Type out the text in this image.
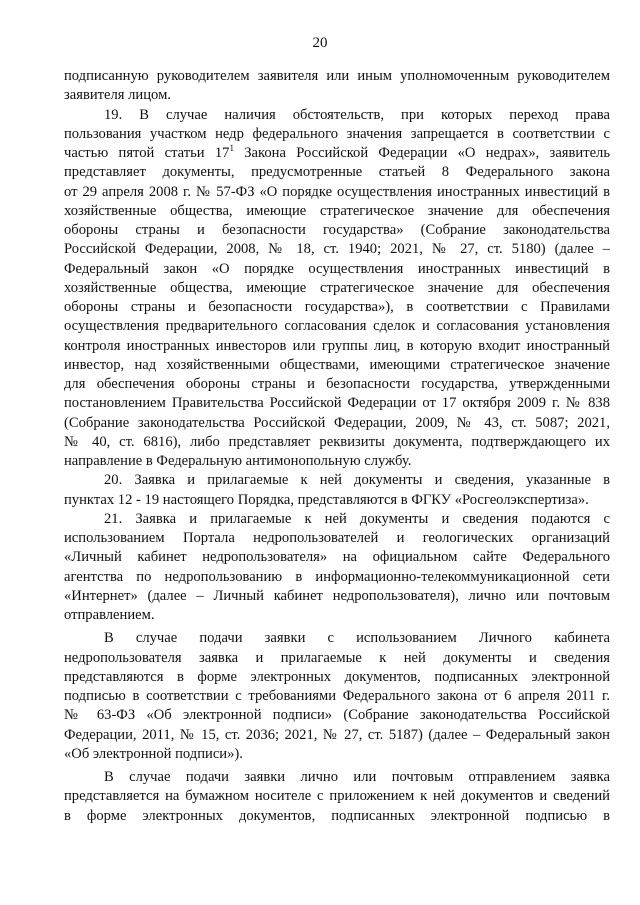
20
подписанную руководителем заявителя или иным уполномоченным руководителем
заявителя лицом.
19. В случае наличия обстоятельств, при которых переход права
пользования участком недр федерального значения запрещается в соответствии с
частью пятой статьи $17^1$ Закона Российской Федерации «О недрах», заявитель
представляет документы, предусмотренные статьей 8 Федерального закона
от 29 апреля 2008 г. № 57-ФЗ «О порядке осуществления иностранных инвестиций в
хозяйственные общества, имеющие стратегическое значение для обеспечения
обороны страны и безопасности государства» (Собрание законодательства
Российской Федерации, 2008, № 18, ст. 1940; 2021, № 27, ст. 5180) (далее –
Федеральный закон «О порядке осуществления иностранных инвестиций в
хозяйственные общества, имеющие стратегическое значение для обеспечения
обороны страны и безопасности государства»), в соответствии с Правилами
осуществления предварительного согласования сделок и согласования установления
контроля иностранных инвесторов или группы лиц, в которую входит иностранный
инвестор, над хозяйственными обществами, имеющими стратегическое значение
для обеспечения обороны страны и безопасности государства, утвержденными
постановлением Правительства Российской Федерации от 17 октября 2009 г. № 838
(Собрание законодательства Российской Федерации, 2009, № 43, ст. 5087; 2021,
№ 40, ст. 6816), либо представляет реквизиты документа, подтверждающего их
направление в Федеральную антимонопольную службу.
20. Заявка и прилагаемые к ней документы и сведения, указанные в
пунктах 12 - 19 настоящего Порядка, представляются в ФГКУ «Росгеолэкспертиза».
21. Заявка и прилагаемые к ней документы и сведения подаются с
использованием Портала недропользователей и геологических организаций
«Личный кабинет недропользователя» на официальном сайте Федерального
агентства по недропользованию в информационно-телекоммуникационной сети
«Интернет» (далее – Личный кабинет недропользователя), лично или почтовым
отправлением.
В случае подачи заявки с использованием Личного кабинета
недропользователя заявка и прилагаемые к ней документы и сведения
представляются в форме электронных документов, подписанных электронной
подписью в соответствии с требованиями Федерального закона от 6 апреля 2011 г.
№ 63-ФЗ «Об электронной подписи» (Собрание законодательства Российской
Федерации, 2011, № 15, ст. 2036; 2021, № 27, ст. 5187) (далее – Федеральный закон
«Об электронной подписи»).
В случае подачи заявки лично или почтовым отправлением заявка
представляется на бумажном носителе с приложением к ней документов и сведений
в форме электронных документов, подписанных электронной подписью в
